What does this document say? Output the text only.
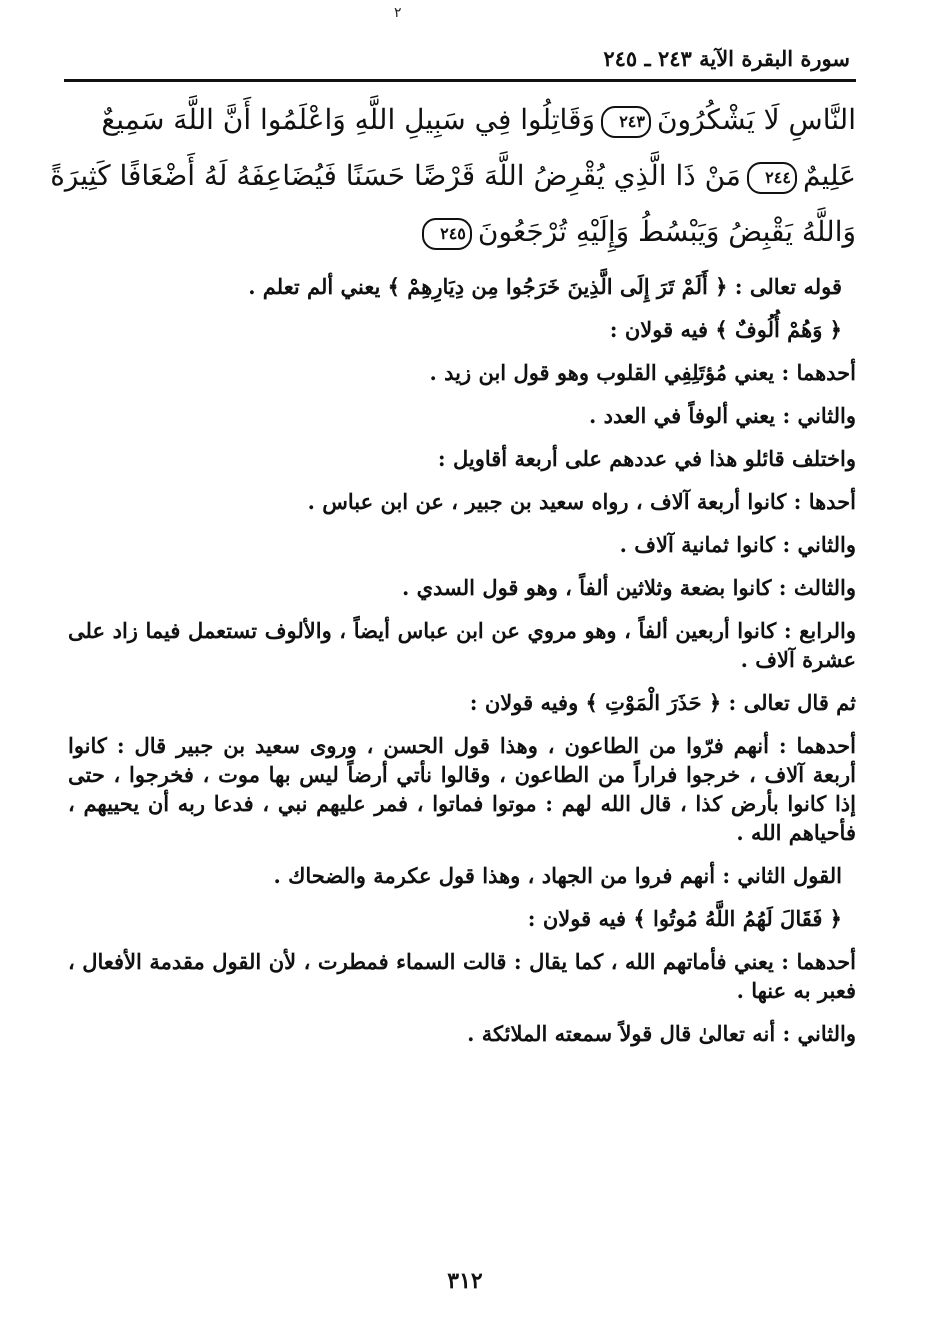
٢
سورة البقرة الآية ٢٤٣ ـ ٢٤٥
النَّاسِ لَا يَشْكُرُونَ٢٤٣وَقَاتِلُوا فِي سَبِيلِ اللَّهِ وَاعْلَمُوا أَنَّ اللَّهَ سَمِيعٌ
عَلِيمٌ٢٤٤مَنْ ذَا الَّذِي يُقْرِضُ اللَّهَ قَرْضًا حَسَنًا فَيُضَاعِفَهُ لَهُ أَضْعَافًا كَثِيرَةً
وَاللَّهُ يَقْبِضُ وَيَبْسُطُ وَإِلَيْهِ تُرْجَعُونَ٢٤٥

قوله تعالى : ﴿ أَلَمْ تَرَ إِلَى الَّذِينَ خَرَجُوا مِن دِيَارِهِمْ ﴾ يعني ألم تعلم .

﴿ وَهُمْ أُلُوفٌ ﴾ فيه قولان :

أحدهما : يعني مُؤتَلِفِي القلوب وهو قول ابن زيد .

والثاني : يعني ألوفاً في العدد .

واختلف قائلو هذا في عددهم على أربعة أقاويل :

أحدها : كانوا أربعة آلاف ، رواه سعيد بن جبير ، عن ابن عباس .

والثاني : كانوا ثمانية آلاف .

والثالث : كانوا بضعة وثلاثين ألفاً ، وهو قول السدي .

والرابع : كانوا أربعين ألفاً ، وهو مروي عن ابن عباس أيضاً ، والألوف تستعمل فيما زاد على عشرة آلاف .

ثم قال تعالى : ﴿ حَذَرَ الْمَوْتِ ﴾ وفيه قولان :

أحدهما : أنهم فرّوا من الطاعون ، وهذا قول الحسن ، وروى سعيد بن جبير قال : كانوا أربعة آلاف ، خرجوا فراراً من الطاعون ، وقالوا نأتي أرضاً ليس بها موت ، فخرجوا ، حتى إذا كانوا بأرض كذا ، قال الله لهم : موتوا فماتوا ، فمر عليهم نبي ، فدعا ربه أن يحييهم ، فأحياهم الله .

القول الثاني : أنهم فروا من الجهاد ، وهذا قول عكرمة والضحاك .

﴿ فَقَالَ لَهُمُ اللَّهُ مُوتُوا ﴾ فيه قولان :

أحدهما : يعني فأماتهم الله ، كما يقال : قالت السماء فمطرت ، لأن القول مقدمة الأفعال ، فعبر به عنها .

والثاني : أنه تعالىٰ قال قولاً سمعته الملائكة .

٣١٢
